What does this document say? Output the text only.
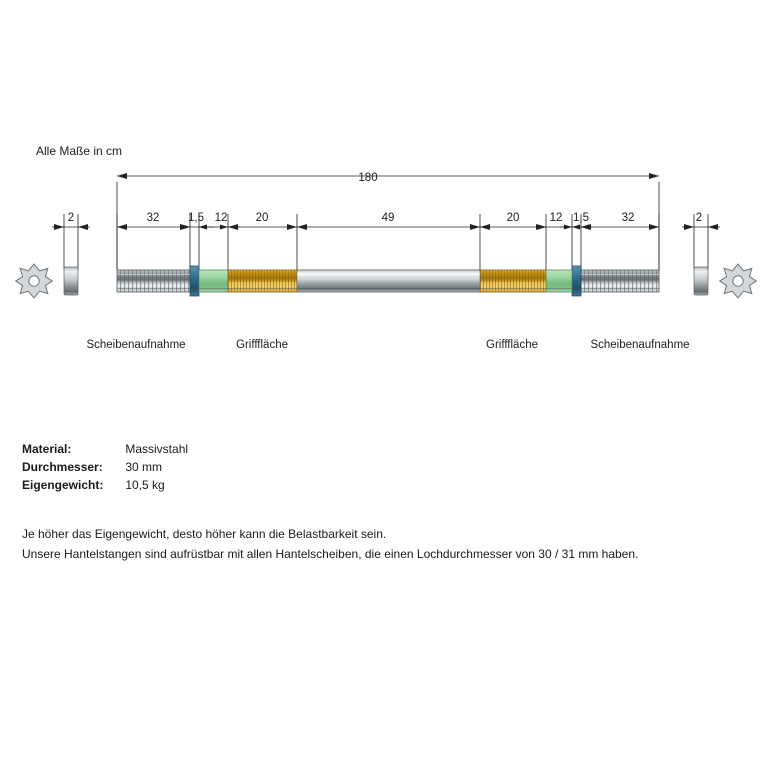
Alle Maße in cm
180
2	32	1,5 12	20	49	20	12 1,5	32	2
Scheibenaufnahme	Grifffläche	Grifffläche	Scheibenaufnahme
Material:	Massivstahl
Durchmesser:	30 mm
Eigengewicht:	10,5 kg
Je höher das Eigengewicht, desto höher kann die Belastbarkeit sein.
Unsere Hantelstangen sind aufrüstbar mit allen Hantelscheiben, die einen Lochdurchmesser von 30 / 31 mm haben.
